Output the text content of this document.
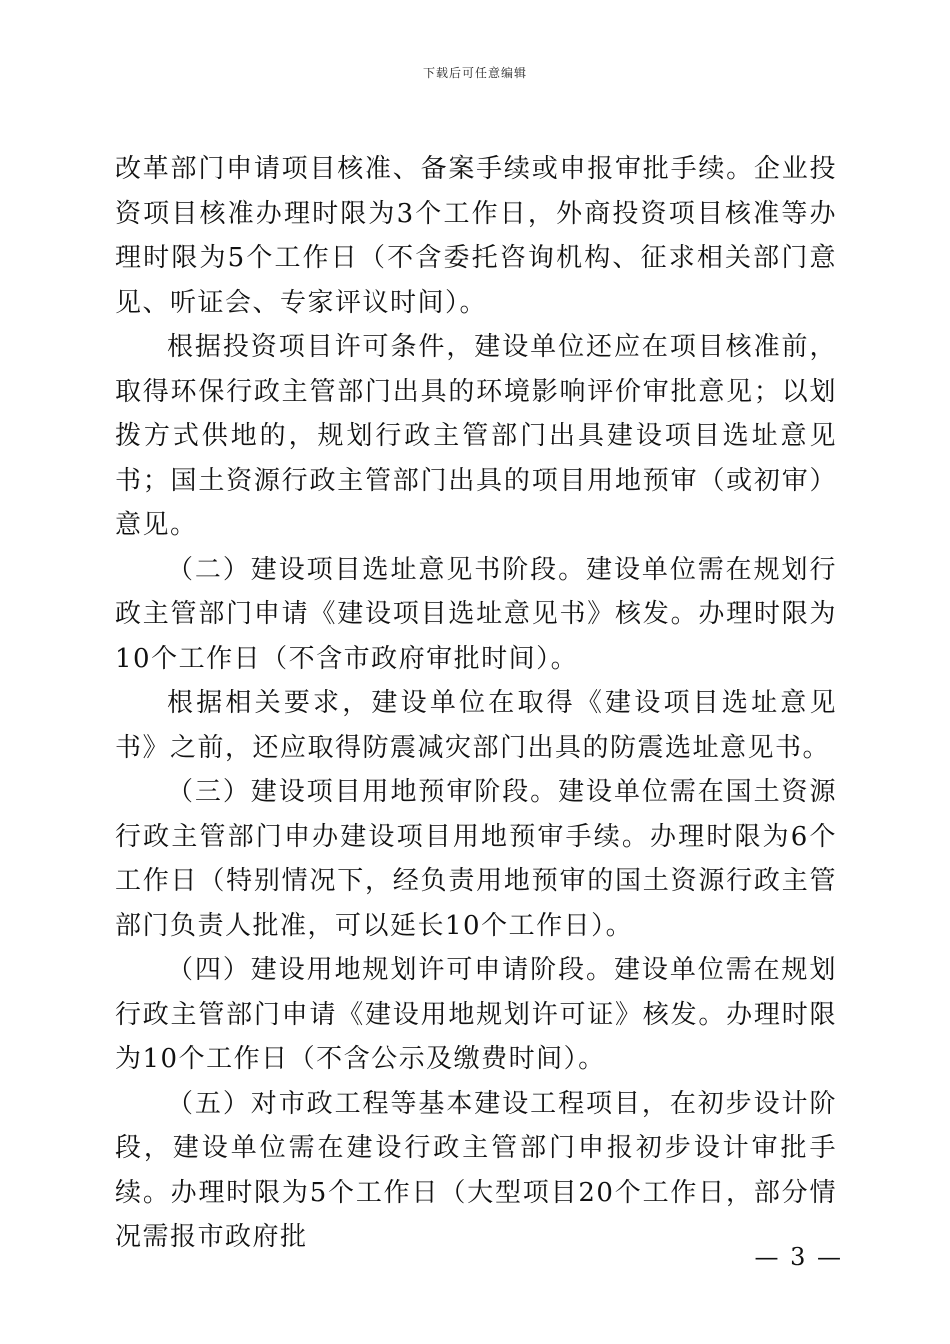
下载后可任意编辑

改革部门申请项目核准、备案手续或申报审批手续。企业投资项目核准办理时限为3个工作日，外商投资项目核准等办理时限为5个工作日（不含委托咨询机构、征求相关部门意见、听证会、专家评议时间）。

根据投资项目许可条件，建设单位还应在项目核准前，取得环保行政主管部门出具的环境影响评价审批意见；以划拨方式供地的，规划行政主管部门出具建设项目选址意见书；国土资源行政主管部门出具的项目用地预审（或初审）意见。

（二）建设项目选址意见书阶段。建设单位需在规划行政主管部门申请《建设项目选址意见书》核发。办理时限为10个工作日（不含市政府审批时间）。

根据相关要求，建设单位在取得《建设项目选址意见书》之前，还应取得防震减灾部门出具的防震选址意见书。

（三）建设项目用地预审阶段。建设单位需在国土资源行政主管部门申办建设项目用地预审手续。办理时限为6个工作日（特别情况下，经负责用地预审的国土资源行政主管部门负责人批准，可以延长10个工作日）。

（四）建设用地规划许可申请阶段。建设单位需在规划行政主管部门申请《建设用地规划许可证》核发。办理时限为10个工作日（不含公示及缴费时间）。

（五）对市政工程等基本建设工程项目，在初步设计阶段，建设单位需在建设行政主管部门申报初步设计审批手续。办理时限为5个工作日（大型项目20个工作日，部分情况需报市政府批

— 3 —
